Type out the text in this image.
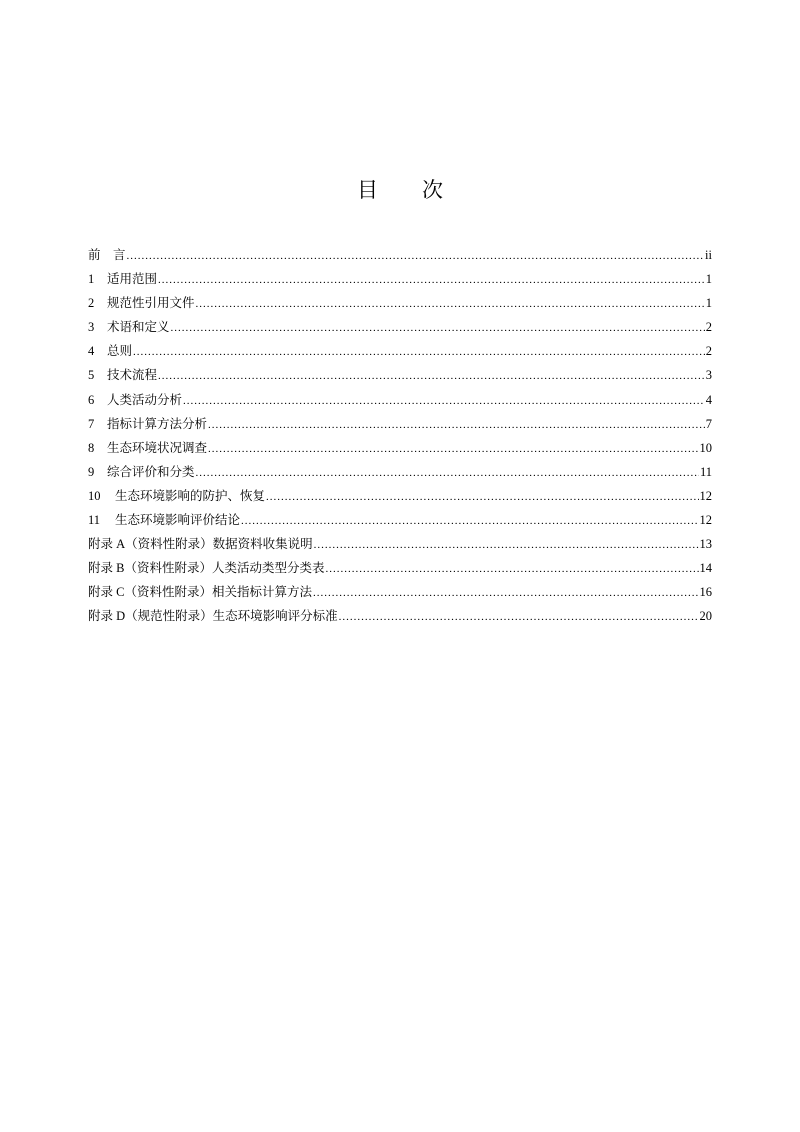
目 次
前　言 .....	ii
1	适用范围 .....	1
2	规范性引用文件 .....	1
3	术语和定义 .....	2
4	总则 .....	2
5	技术流程 .....	3
6	人类活动分析 .....	4
7	指标计算方法分析 .....	7
8	生态环境状况调查 .....	10
9	综合评价和分类 .....	11
10	生态环境影响的防护、恢复 .....	12
11	生态环境影响评价结论 .....	12
附录 A（资料性附录）数据资料收集说明 .....	13
附录 B（资料性附录）人类活动类型分类表 .....	14
附录 C（资料性附录）相关指标计算方法 .....	16
附录 D（规范性附录）生态环境影响评分标准 .....	20
